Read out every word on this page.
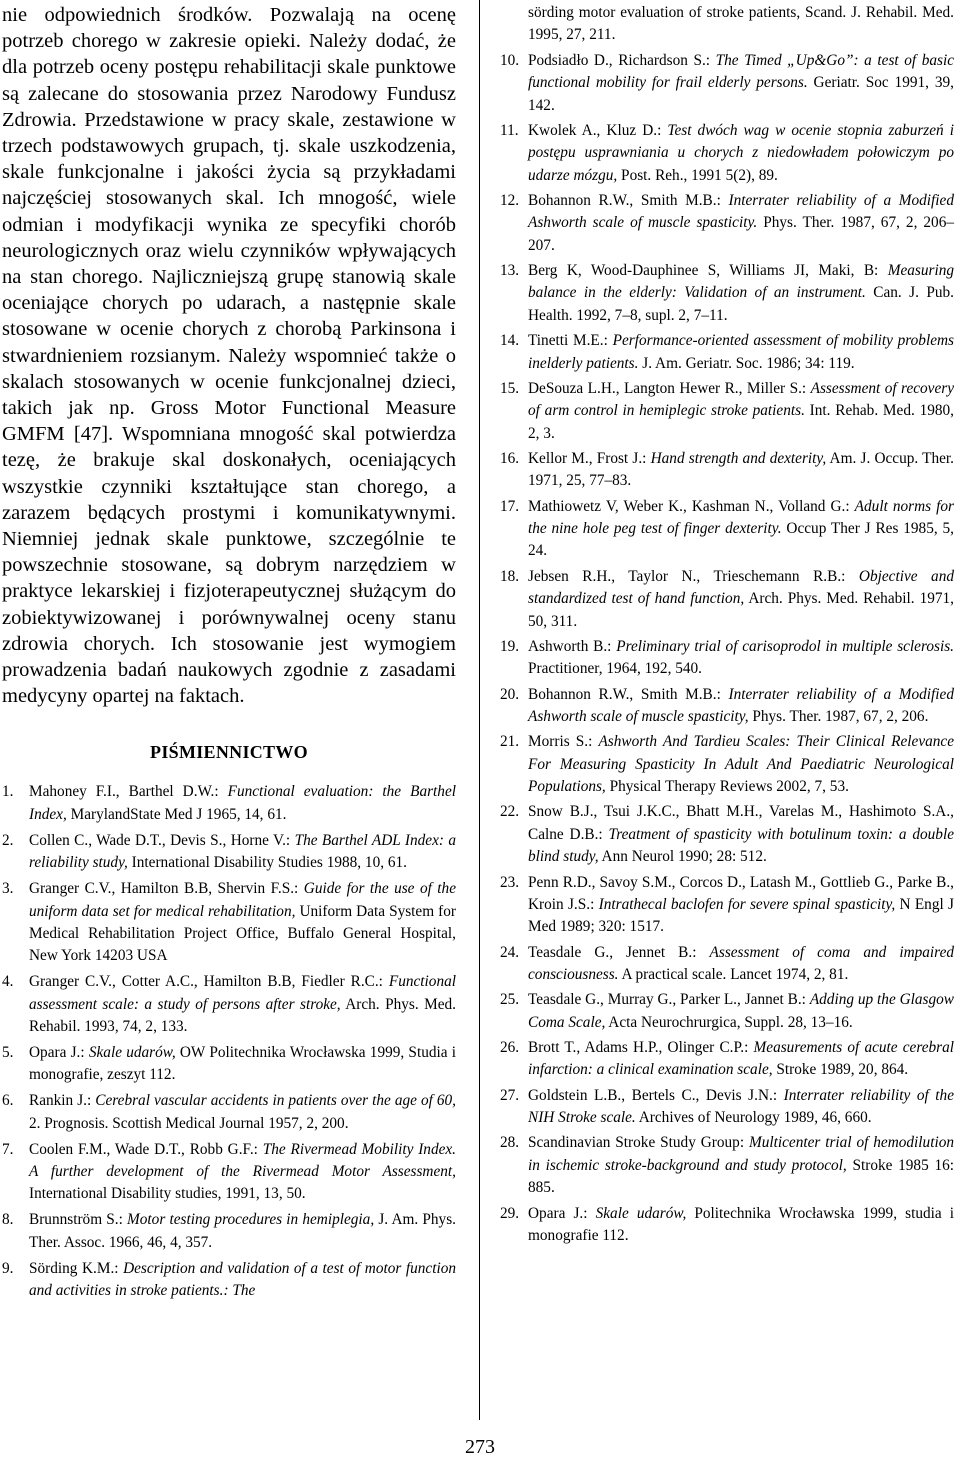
nie odpowiednich środków. Pozwalają na ocenę potrzeb chorego w zakresie opieki. Należy dodać, że dla potrzeb oceny postępu rehabilitacji skale punktowe są zalecane do stosowania przez Narodowy Fundusz Zdrowia. Przedstawione w pracy skale, zestawione w trzech podstawowych grupach, tj. skale uszkodzenia, skale funkcjonalne i jakości życia są przykładami najczęściej stosowanych skal. Ich mnogość, wiele odmian i modyfikacji wynika ze specyfiki chorób neurologicznych oraz wielu czynników wpływających na stan chorego. Najliczniejszą grupę stanowią skale oceniające chorych po udarach, a następnie skale stosowane w ocenie chorych z chorobą Parkinsona i stwardnieniem rozsianym. Należy wspomnieć także o skalach stosowanych w ocenie funkcjonalnej dzieci, takich jak np. Gross Motor Functional Measure GMFM [47]. Wspomniana mnogość skal potwierdza tezę, że brakuje skal doskonałych, oceniających wszystkie czynniki kształtujące stan chorego, a zarazem będących prostymi i komunikatywnymi. Niemniej jednak skale punktowe, szczególnie te powszechnie stosowane, są dobrym narzędziem w praktyce lekarskiej i fizjoterapeutycznej służącym do zobiektywizowanej i porównywalnej oceny stanu zdrowia chorych. Ich stosowanie jest wymogiem prowadzenia badań naukowych zgodnie z zasadami medycyny opartej na faktach.

PIŚMIENNICTWO
1. Mahoney F.I., Barthel D.W.: Functional evaluation: the Barthel Index, MarylandState Med J 1965, 14, 61.
2. Collen C., Wade D.T., Devis S., Horne V.: The Barthel ADL Index: a reliability study, International Disability Studies 1988, 10, 61.
3. Granger C.V., Hamilton B.B, Shervin F.S.: Guide for the use of the uniform data set for medical rehabilitation, Uniform Data System for Medical Rehabilitation Project Office, Buffalo General Hospital, New York 14203 USA
4. Granger C.V., Cotter A.C., Hamilton B.B, Fiedler R.C.: Functional assessment scale: a study of persons after stroke, Arch. Phys. Med. Rehabil. 1993, 74, 2, 133.
5. Opara J.: Skale udarów, OW Politechnika Wrocławska 1999, Studia i monografie, zeszyt 112.
6. Rankin J.: Cerebral vascular accidents in patients over the age of 60, 2. Prognosis. Scottish Medical Journal 1957, 2, 200.
7. Coolen F.M., Wade D.T., Robb G.F.: The Rivermead Mobility Index. A further development of the Rivermead Motor Assessment, International Disability studies, 1991, 13, 50.
8. Brunnström S.: Motor testing procedures in hemiplegia, J. Am. Phys. Ther. Assoc. 1966, 46, 4, 357.
9. Sörding K.M.: Description and validation of a test of motor function and activities in stroke patients.: The
sörding motor evaluation of stroke patients, Scand. J. Rehabil. Med. 1995, 27, 211.
10. Podsiadło D., Richardson S.: The Timed „Up&Go”: a test of basic functional mobility for frail elderly persons. Geriatr. Soc 1991, 39, 142.
11. Kwolek A., Kluz D.: Test dwóch wag w ocenie stopnia zaburzeń i postępu usprawniania u chorych z niedowładem połowiczym po udarze mózgu, Post. Reh., 1991 5(2), 89.
12. Bohannon R.W., Smith M.B.: Interrater reliability of a Modified Ashworth scale of muscle spasticity. Phys. Ther. 1987, 67, 2, 206–207.
13. Berg K, Wood-Dauphinee S, Williams JI, Maki, B: Measuring balance in the elderly: Validation of an instrument. Can. J. Pub. Health. 1992, 7–8, supl. 2, 7–11.
14. Tinetti M.E.: Performance-oriented assessment of mobility problems inelderly patients. J. Am. Geriatr. Soc. 1986; 34: 119.
15. DeSouza L.H., Langton Hewer R., Miller S.: Assessment of recovery of arm control in hemiplegic stroke patients. Int. Rehab. Med. 1980, 2, 3.
16. Kellor M., Frost J.: Hand strength and dexterity, Am. J. Occup. Ther. 1971, 25, 77–83.
17. Mathiowetz V, Weber K., Kashman N., Volland G.: Adult norms for the nine hole peg test of finger dexterity. Occup Ther J Res 1985, 5, 24.
18. Jebsen R.H., Taylor N., Trieschemann R.B.: Objective and standardized test of hand function, Arch. Phys. Med. Rehabil. 1971, 50, 311.
19. Ashworth B.: Preliminary trial of carisoprodol in multiple sclerosis. Practitioner, 1964, 192, 540.
20. Bohannon R.W., Smith M.B.: Interrater reliability of a Modified Ashworth scale of muscle spasticity, Phys. Ther. 1987, 67, 2, 206.
21. Morris S.: Ashworth And Tardieu Scales: Their Clinical Relevance For Measuring Spasticity In Adult And Paediatric Neurological Populations, Physical Therapy Reviews 2002, 7, 53.
22. Snow B.J., Tsui J.K.C., Bhatt M.H., Varelas M., Hashimoto S.A., Calne D.B.: Treatment of spasticity with botulinum toxin: a double blind study, Ann Neurol 1990; 28: 512.
23. Penn R.D., Savoy S.M., Corcos D., Latash M., Gottlieb G., Parke B., Kroin J.S.: Intrathecal baclofen for severe spinal spasticity, N Engl J Med 1989; 320: 1517.
24. Teasdale G., Jennet B.: Assessment of coma and impaired consciousness. A practical scale. Lancet 1974, 2, 81.
25. Teasdale G., Murray G., Parker L., Jannet B.: Adding up the Glasgow Coma Scale, Acta Neurochrurgica, Suppl. 28, 13–16.
26. Brott T., Adams H.P., Olinger C.P.: Measurements of acute cerebral infarction: a clinical examination scale, Stroke 1989, 20, 864.
27. Goldstein L.B., Bertels C., Devis J.N.: Interrater reliability of the NIH Stroke scale. Archives of Neurology 1989, 46, 660.
28. Scandinavian Stroke Study Group: Multicenter trial of hemodilution in ischemic stroke-background and study protocol, Stroke 1985 16: 885.
29. Opara J.: Skale udarów, Politechnika Wrocławska 1999, studia i monografie 112.
273
